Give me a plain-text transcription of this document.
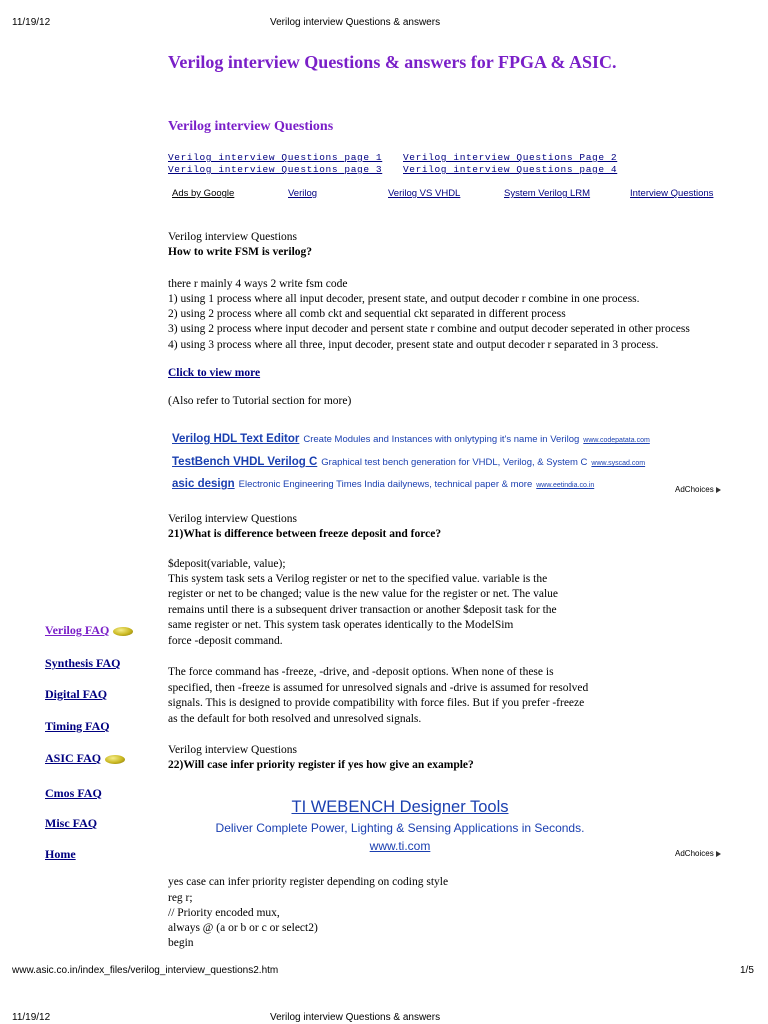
11/19/12	Verilog interview Questions & answers
Verilog interview Questions & answers for FPGA & ASIC.
Verilog interview Questions
Verilog interview Questions page 1 Verilog interview Questions Page 2
Verilog interview Questions page 3 Verilog interview Questions page 4
Ads by Google	Verilog	Verilog VS VHDL	System Verilog LRM	Interview Questions
Verilog interview Questions
How to write FSM is verilog?
there r mainly 4 ways 2 write fsm code
1) using 1 process where all input decoder, present state, and output decoder r combine in one process.
2) using 2 process where all comb ckt and sequential ckt separated in different process
3) using 2 process where input decoder and persent state r combine and output decoder seperated in other process
4) using 3 process where all three, input decoder, present state and output decoder r separated in 3 process.
Click to view more
(Also refer to Tutorial section for more)
Verilog HDL Text Editor Create Modules and Instances with onlytyping it's name in Verilog www.codepatata.com
TestBench VHDL Verilog C Graphical test bench generation for VHDL, Verilog, & System C www.syscad.com
asic design Electronic Engineering Times India dailynews, technical paper & more www.eetindia.co.in	AdChoices
Verilog interview Questions
21)What is difference between freeze deposit and force?
$deposit(variable, value);
This system task sets a Verilog register or net to the specified value. variable is the
register or net to be changed; value is the new value for the register or net. The value
remains until there is a subsequent driver transaction or another $deposit task for the
same register or net. This system task operates identically to the ModelSim
force -deposit command.
The force command has -freeze, -drive, and -deposit options. When none of these is
specified, then -freeze is assumed for unresolved signals and -drive is assumed for resolved
signals. This is designed to provide compatibility with force files. But if you prefer -freeze
as the default for both resolved and unresolved signals.
Verilog FAQ
Synthesis FAQ
Digital FAQ
Timing FAQ
ASIC FAQ
Cmos FAQ
Misc FAQ
Home
Verilog interview Questions
22)Will case infer priority register if yes how give an example?
TI WEBENCH Designer Tools
Deliver Complete Power, Lighting & Sensing Applications in Seconds.
www.ti.com
AdChoices
yes case can infer priority register depending on coding style
reg r;
// Priority encoded mux,
always @ (a or b or c or select2)
begin
www.asic.co.in/index_files/verilog_interview_questions2.htm	1/5
11/19/12	Verilog interview Questions & answers
